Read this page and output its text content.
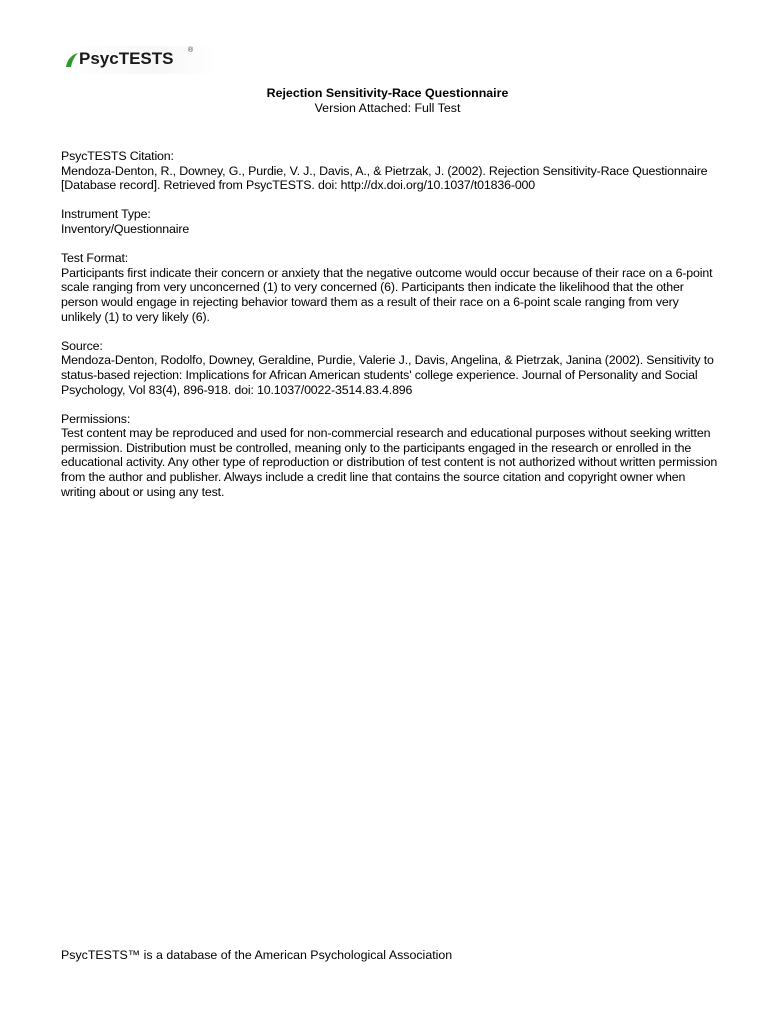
PsycTESTS ®
Rejection Sensitivity-Race Questionnaire
Version Attached: Full Test
PsycTESTS Citation:
Mendoza-Denton, R., Downey, G., Purdie, V. J., Davis, A., & Pietrzak, J. (2002). Rejection Sensitivity-Race Questionnaire [Database record]. Retrieved from PsycTESTS. doi: http://dx.doi.org/10.1037/t01836-000
Instrument Type:
Inventory/Questionnaire
Test Format:
Participants first indicate their concern or anxiety that the negative outcome would occur because of their race on a 6-point scale ranging from very unconcerned (1) to very concerned (6). Participants then indicate the likelihood that the other person would engage in rejecting behavior toward them as a result of their race on a 6-point scale ranging from very unlikely (1) to very likely (6).
Source:
Mendoza-Denton, Rodolfo, Downey, Geraldine, Purdie, Valerie J., Davis, Angelina, & Pietrzak, Janina (2002). Sensitivity to status-based rejection: Implications for African American students' college experience. Journal of Personality and Social Psychology, Vol 83(4), 896-918. doi: 10.1037/0022-3514.83.4.896
Permissions:
Test content may be reproduced and used for non-commercial research and educational purposes without seeking written permission. Distribution must be controlled, meaning only to the participants engaged in the research or enrolled in the educational activity. Any other type of reproduction or distribution of test content is not authorized without written permission from the author and publisher. Always include a credit line that contains the source citation and copyright owner when writing about or using any test.
PsycTESTS™ is a database of the American Psychological Association
